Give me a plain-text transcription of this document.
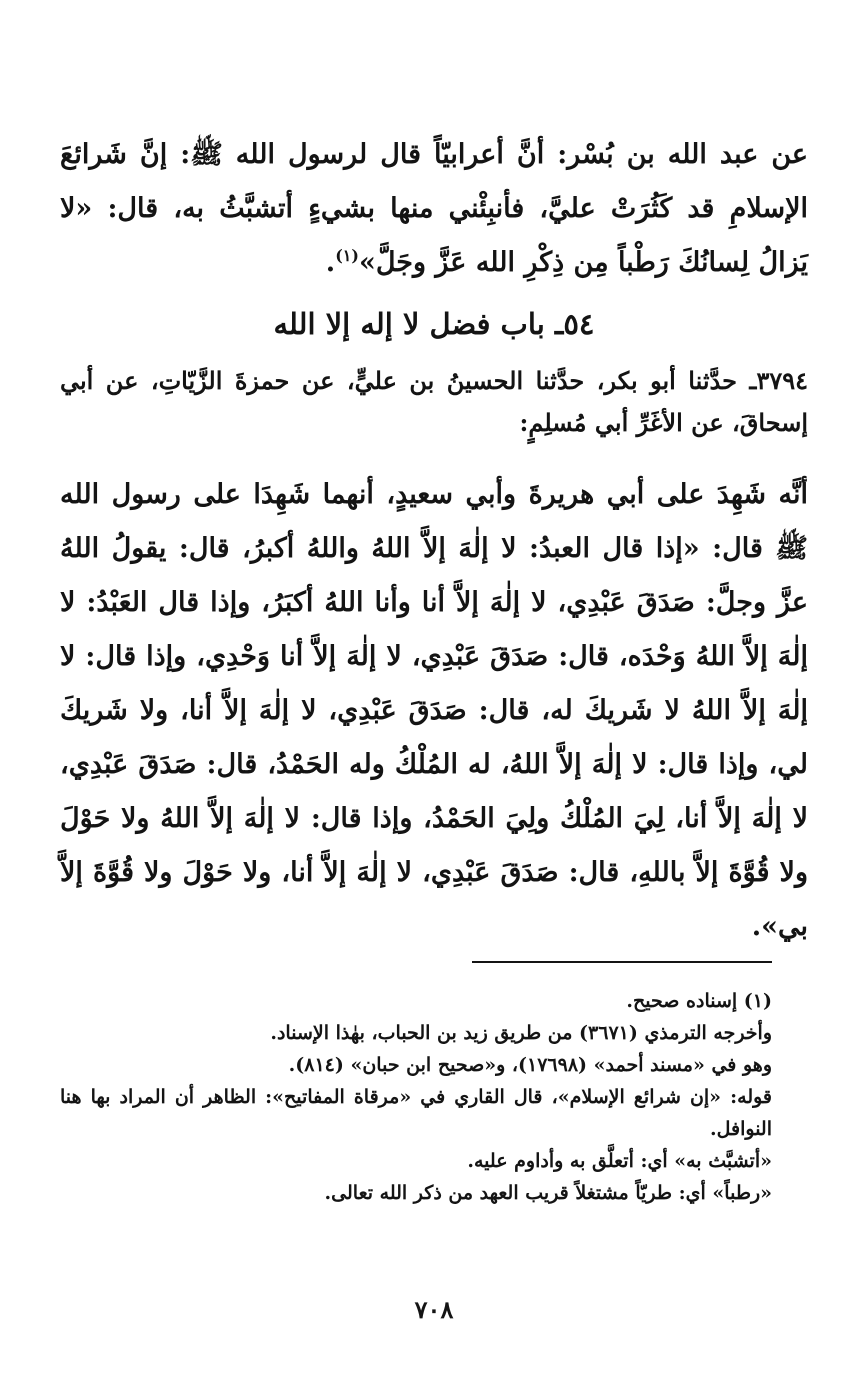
عن عبد الله بن بُسْر: أنَّ أعرابيّاً قال لرسول الله ﷺ: إنَّ شَرائعَ الإسلامِ قد كَثُرَتْ عليَّ، فأنبِئْني منها بشيءٍ أتشبَّثُ به، قال: «لا يَزالُ لِسانُكَ رَطْباً مِن ذِكْرِ الله عَزَّ وجَلَّ»$^{(١)}$.
٥٤ـ باب فضل لا إله إلا الله
٣٧٩٤ـ حدَّثنا أبو بكر، حدَّثنا الحسينُ بن عليٍّ، عن حمزةَ الزَّيّاتِ، عن أبي إسحاقَ، عن الأغَرِّ أبي مُسلِمٍ:
أنَّه شَهِدَ على أبي هريرةَ وأبي سعيدٍ، أنهما شَهِدَا على رسول الله ﷺ قال: «إذا قال العبدُ: لا إلٰهَ إلاَّ اللهُ واللهُ أكبرُ، قال: يقولُ اللهُ عزَّ وجلَّ: صَدَقَ عَبْدِي، لا إلٰهَ إلاَّ أنا وأنا اللهُ أكبَرُ، وإذا قال العَبْدُ: لا إلٰهَ إلاَّ اللهُ وَحْدَه، قال: صَدَقَ عَبْدِي، لا إلٰهَ إلاَّ أنا وَحْدِي، وإذا قال: لا إلٰهَ إلاَّ اللهُ لا شَريكَ له، قال: صَدَقَ عَبْدِي، لا إلٰهَ إلاَّ أنا، ولا شَريكَ لي، وإذا قال: لا إلٰهَ إلاَّ اللهُ، له المُلْكُ وله الحَمْدُ، قال: صَدَقَ عَبْدِي، لا إلٰهَ إلاَّ أنا، لِيَ المُلْكُ ولِيَ الحَمْدُ، وإذا قال: لا إلٰهَ إلاَّ اللهُ ولا حَوْلَ ولا قُوَّةَ إلاَّ باللهِ، قال: صَدَقَ عَبْدِي، لا إلٰهَ إلاَّ أنا، ولا حَوْلَ ولا قُوَّةَ إلاَّ بي».
(١) إسناده صحيح.
وأخرجه الترمذي (٣٦٧١) من طريق زيد بن الحباب، بهٰذا الإسناد.
وهو في «مسند أحمد» (١٧٦٩٨)، و«صحيح ابن حبان» (٨١٤).
قوله: «إن شرائع الإسلام»، قال القاري في «مرقاة المفاتيح»: الظاهر أن المراد بها هنا النوافل.
«أتشبَّث به» أي: أتعلَّق به وأداوم عليه.
«رطباً» أي: طريّاً مشتغلاً قريب العهد من ذكر الله تعالى.
٧٠٨
